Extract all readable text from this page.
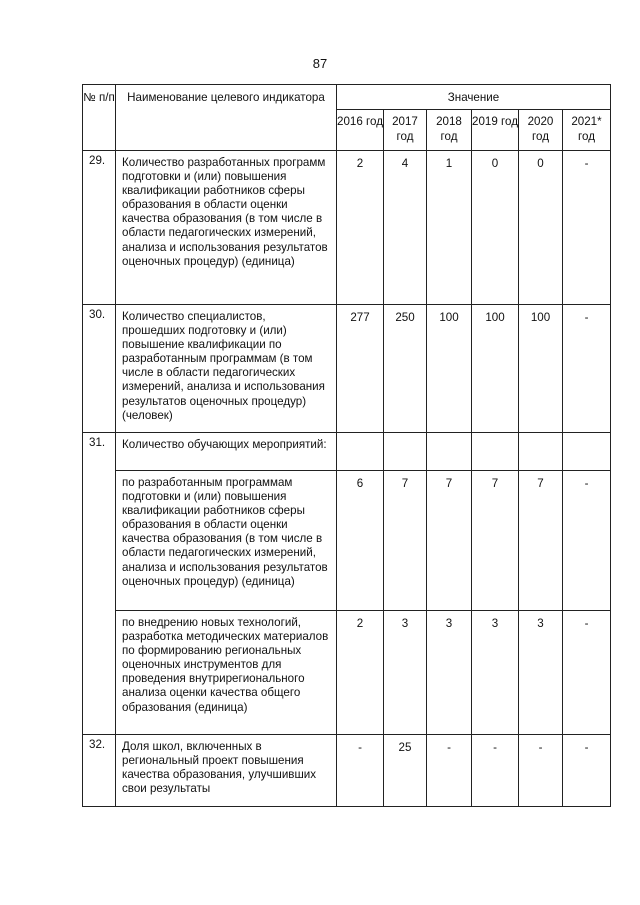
87
№ п/п	Наименование целевого индикатора	Значение					
		2016 год	2017 год	2018 год	2019 год	2020 год	2021* год
29.	Количество разработанных программ подготовки и (или) повышения квалификации работников сферы образования в области оценки качества образования (в том числе в области педагогических измерений, анализа и использования результатов оценочных процедур) (единица)	2	4	1	0	0	-
30.	Количество специалистов, прошедших подготовку и (или) повышение квалификации по разработанным программам (в том числе в области педагогических измерений, анализа и использования результатов оценочных процедур) (человек)	277	250	100	100	100	-
31.	Количество обучающих мероприятий:						
	по разработанным программам подготовки и (или) повышения квалификации работников сферы образования в области оценки качества образования (в том числе в области педагогических измерений, анализа и использования результатов оценочных процедур) (единица)	6	7	7	7	7	-
	по внедрению новых технологий, разработка методических материалов по формированию региональных оценочных инструментов для проведения внутрирегионального анализа оценки качества общего образования (единица)	2	3	3	3	3	-
32.	Доля школ, включенных в региональный проект повышения качества образования, улучшивших свои результаты	-	25	-	-	-	-
